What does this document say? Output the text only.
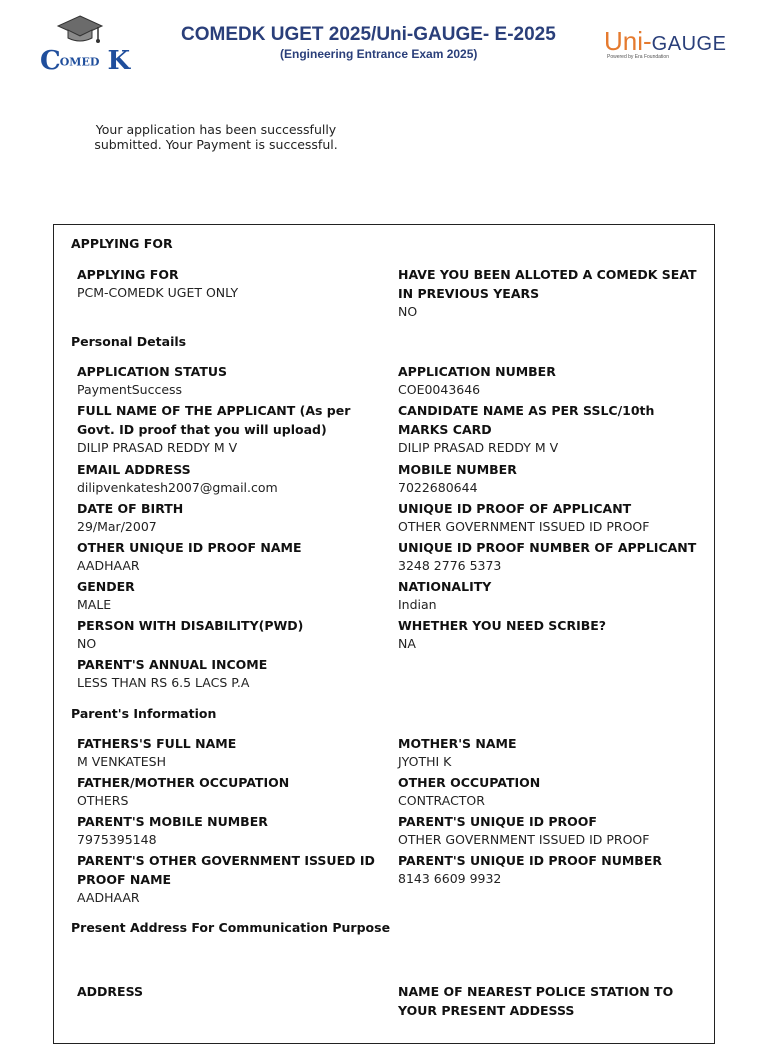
COMED K
COMEDK UGET 2025/Uni-GAUGE- E-2025
(Engineering Entrance Exam 2025)	Uni-GAUGE
Powered by Era Foundation
Your application has been successfully submitted. Your Payment is successful.
APPLYING FOR
APPLYING FOR
PCM-COMEDK UGET ONLY
HAVE YOU BEEN ALLOTED A COMEDK SEAT IN PREVIOUS YEARS
NO
Personal Details
APPLICATION STATUS
PaymentSuccess
APPLICATION NUMBER
COE0043646
FULL NAME OF THE APPLICANT (As per Govt. ID proof that you will upload)
DILIP PRASAD REDDY M V
CANDIDATE NAME AS PER SSLC/10th MARKS CARD
DILIP PRASAD REDDY M V
EMAIL ADDRESS
dilipvenkatesh2007@gmail.com
MOBILE NUMBER
7022680644
DATE OF BIRTH
29/Mar/2007
UNIQUE ID PROOF OF APPLICANT
OTHER GOVERNMENT ISSUED ID PROOF
OTHER UNIQUE ID PROOF NAME
AADHAAR
UNIQUE ID PROOF NUMBER OF APPLICANT
3248 2776 5373
GENDER
MALE
NATIONALITY
Indian
PERSON WITH DISABILITY(PWD)
NO
WHETHER YOU NEED SCRIBE?
NA
PARENT'S ANNUAL INCOME
LESS THAN RS 6.5 LACS P.A
Parent's Information
FATHERS'S FULL NAME
M VENKATESH
MOTHER'S NAME
JYOTHI K
FATHER/MOTHER OCCUPATION
OTHERS
OTHER OCCUPATION
CONTRACTOR
PARENT'S MOBILE NUMBER
7975395148
PARENT'S UNIQUE ID PROOF
OTHER GOVERNMENT ISSUED ID PROOF
PARENT'S OTHER GOVERNMENT ISSUED ID PROOF NAME
AADHAAR
PARENT'S UNIQUE ID PROOF NUMBER
8143 6609 9932
Present Address For Communication Purpose
ADDRESS	NAME OF NEAREST POLICE STATION TO YOUR PRESENT ADDESSS
